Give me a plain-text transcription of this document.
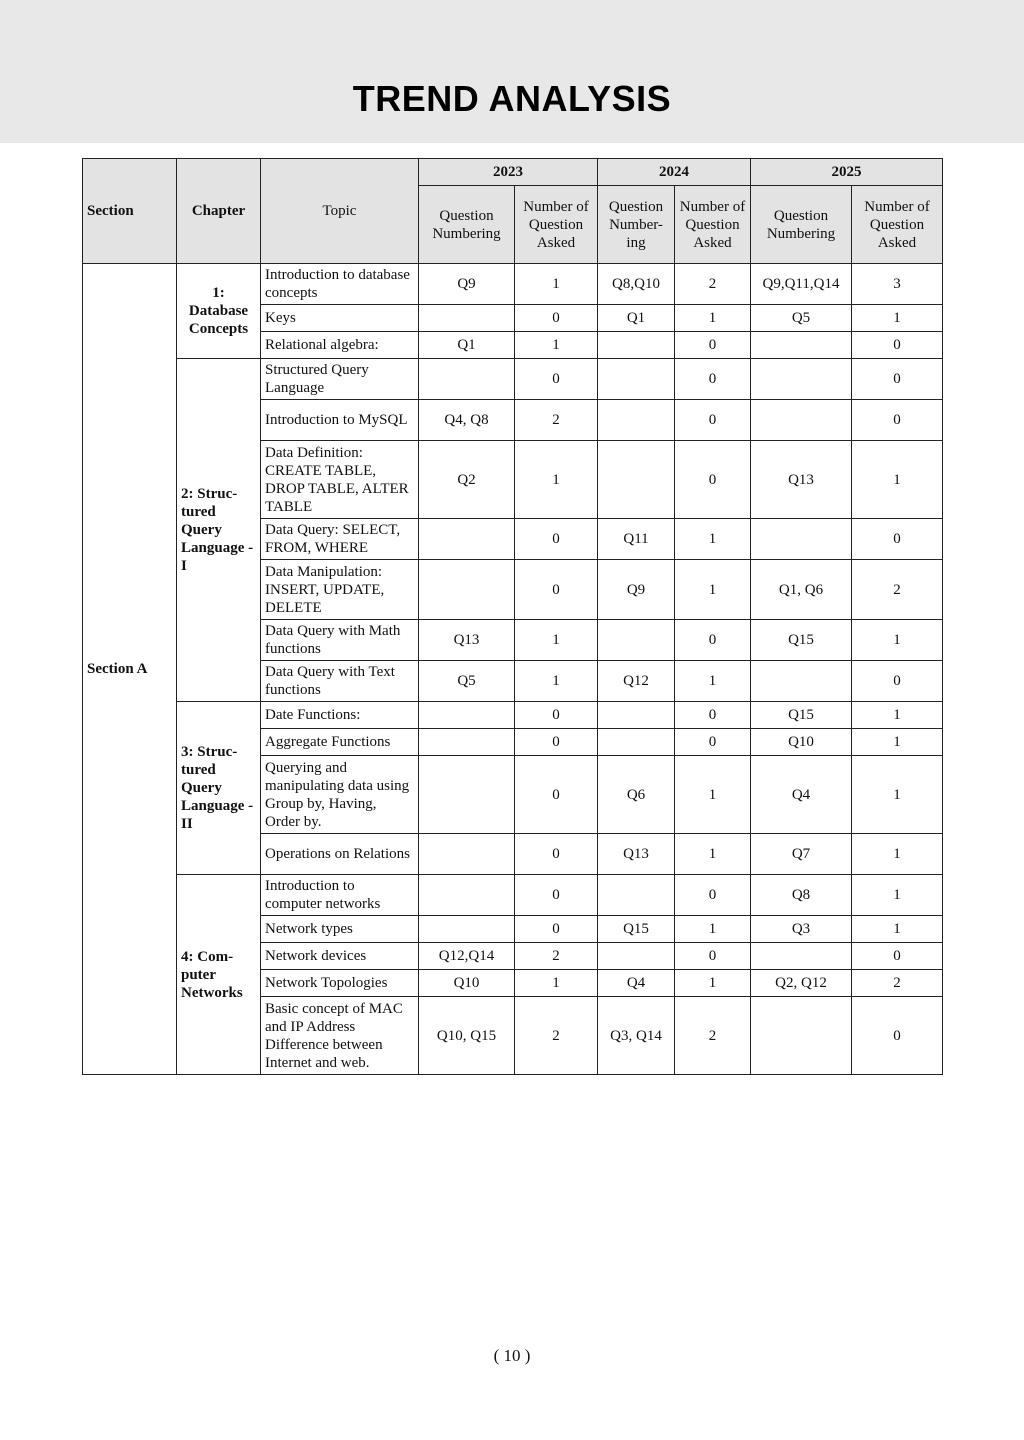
TREND ANALYSIS
Section	Chapter	Topic	2023		2024		2025	
			Question Numbering	Number of Question Asked	Question Number-ing	Number of Question Asked	Question Numbering	Number of Question Asked
Section A	1: Database Concepts	Introduction to database concepts	Q9	1	Q8,Q10	2	Q9,Q11,Q14	3
		Keys		0	Q1	1	Q5	1
		Relational algebra:	Q1	1		0		0
	2: Struc-tured Query Language - I	Structured Query Language		0		0		0
		Introduction to MySQL	Q4, Q8	2		0		0
		Data Definition: CREATE TABLE, DROP TABLE, ALTER TABLE	Q2	1		0	Q13	1
		Data Query: SELECT, FROM, WHERE		0	Q11	1		0
		Data Manipulation: INSERT, UPDATE, DELETE		0	Q9	1	Q1, Q6	2
		Data Query with Math functions	Q13	1		0	Q15	1
		Data Query with Text functions	Q5	1	Q12	1		0
	3: Struc-tured Query Language - II	Date Functions:		0		0	Q15	1
		Aggregate Functions		0		0	Q10	1
		Querying and manipulating data using Group by, Having, Order by.		0	Q6	1	Q4	1
		Operations on Relations		0	Q13	1	Q7	1
	4: Com-puter Networks	Introduction to computer networks		0		0	Q8	1
		Network types		0	Q15	1	Q3	1
		Network devices	Q12,Q14	2		0		0
		Network Topologies	Q10	1	Q4	1	Q2, Q12	2
		Basic concept of MAC and IP Address Difference between Internet and web.	Q10, Q15	2	Q3, Q14	2		0
( 10 )
